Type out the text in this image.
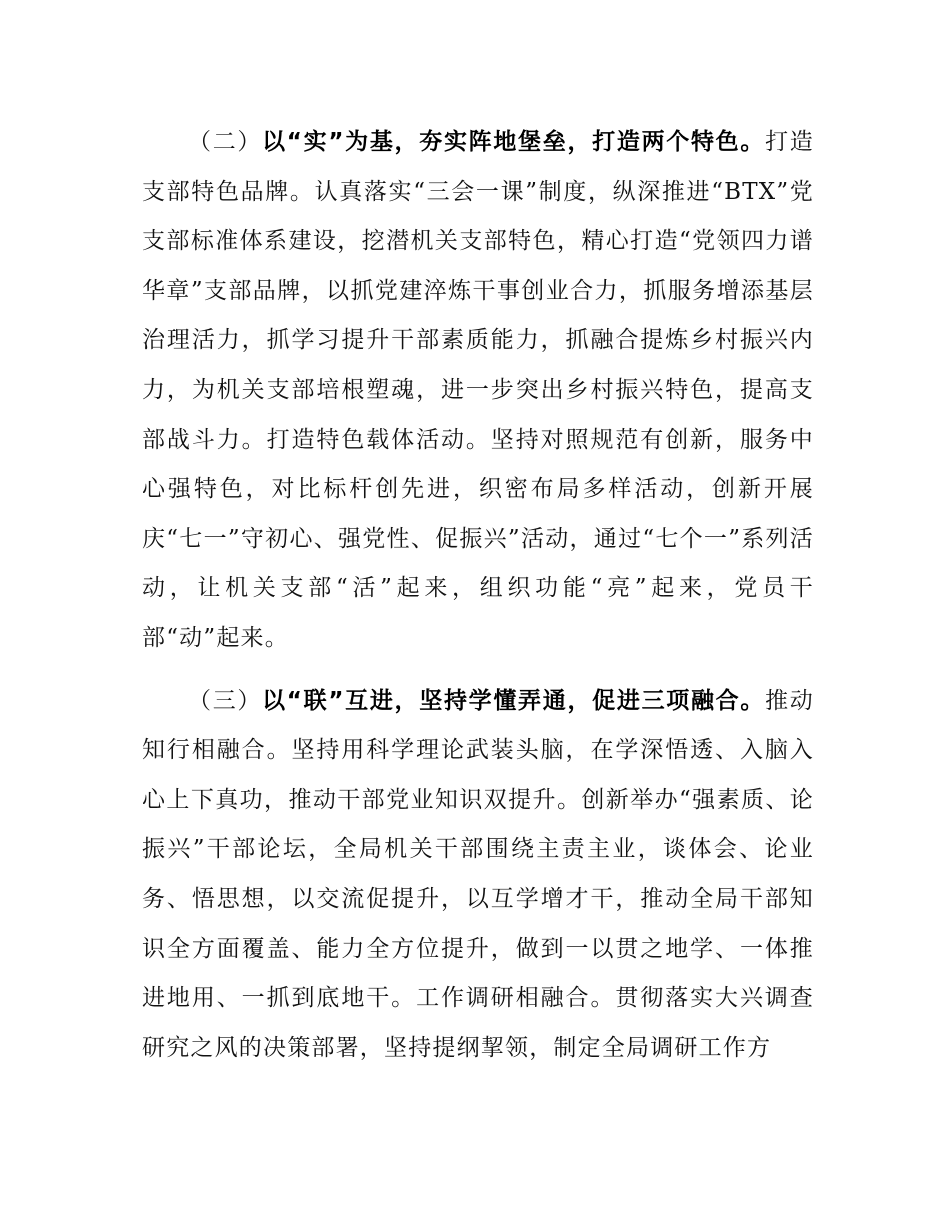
（二）以“实”为基，夯实阵地堡垒，打造两个特色。打造支部特色品牌。认真落实“三会一课”制度，纵深推进“BTX”党支部标准体系建设，挖潜机关支部特色，精心打造“党领四力谱华章”支部品牌，以抓党建淬炼干事创业合力，抓服务增添基层治理活力，抓学习提升干部素质能力，抓融合提炼乡村振兴内力，为机关支部培根塑魂，进一步突出乡村振兴特色，提高支部战斗力。打造特色载体活动。坚持对照规范有创新，服务中心强特色，对比标杆创先进，织密布局多样活动，创新开展庆“七一”守初心、强党性、促振兴”活动，通过“七个一”系列活动，让机关支部“活”起来，组织功能“亮”起来，党员干部“动”起来。

（三）以“联”互进，坚持学懂弄通，促进三项融合。推动知行相融合。坚持用科学理论武装头脑，在学深悟透、入脑入心上下真功，推动干部党业知识双提升。创新举办“强素质、论振兴”干部论坛，全局机关干部围绕主责主业，谈体会、论业务、悟思想，以交流促提升，以互学增才干，推动全局干部知识全方面覆盖、能力全方位提升，做到一以贯之地学、一体推进地用、一抓到底地干。工作调研相融合。贯彻落实大兴调查研究之风的决策部署，坚持提纲挈领，制定全局调研工作方
